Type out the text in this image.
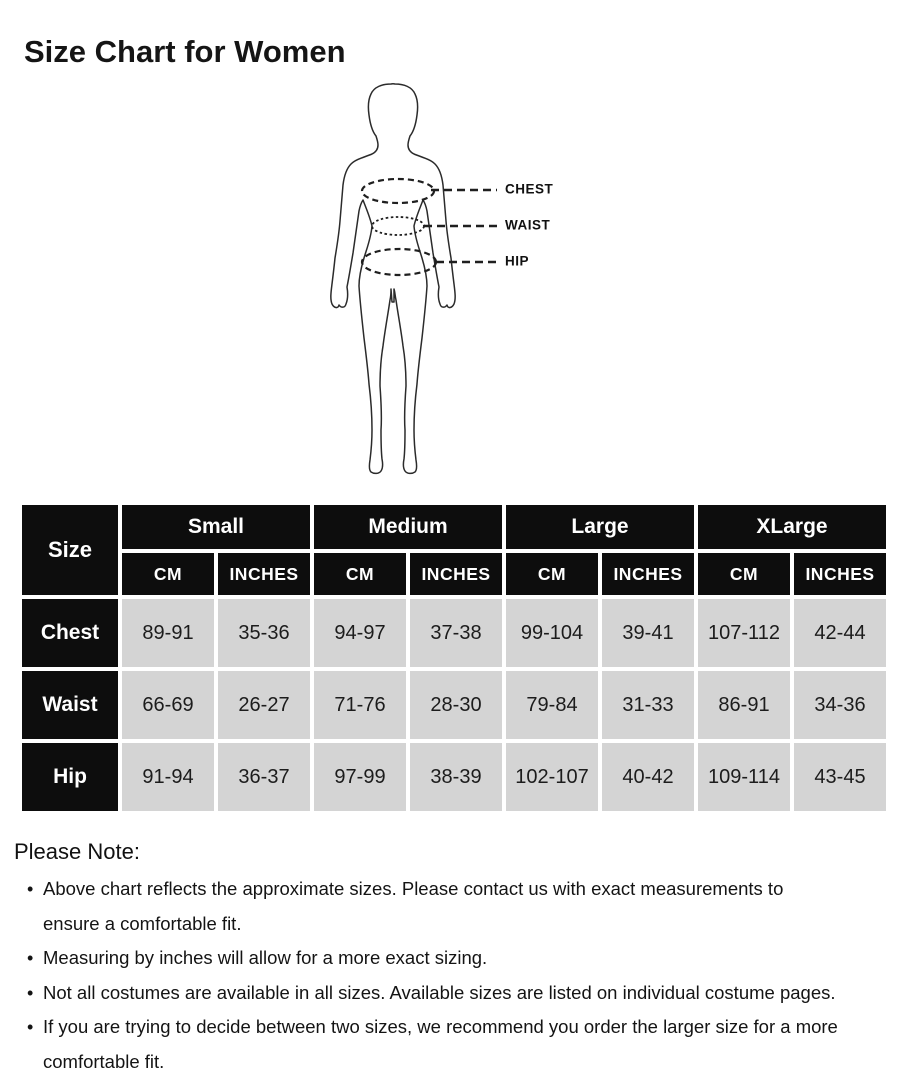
Size Chart for Women
CHEST
WAIST
HIP
Size	Small		Medium		Large		XLarge	
	CM	INCHES	CM	INCHES	CM	INCHES	CM	INCHES
Chest	89-91	35-36	94-97	37-38	99-104	39-41	107-112	42-44
Waist	66-69	26-27	71-76	28-30	79-84	31-33	86-91	34-36
Hip	91-94	36-37	97-99	38-39	102-107	40-42	109-114	43-45

Please Note:

• Above chart reflects the approximate sizes. Please contact us with exact measurements to
ensure a comfortable fit.
• Measuring by inches will allow for a more exact sizing.
• Not all costumes are available in all sizes. Available sizes are listed on individual costume pages.
• If you are trying to decide between two sizes, we recommend you order the larger size for a more
comfortable fit.
